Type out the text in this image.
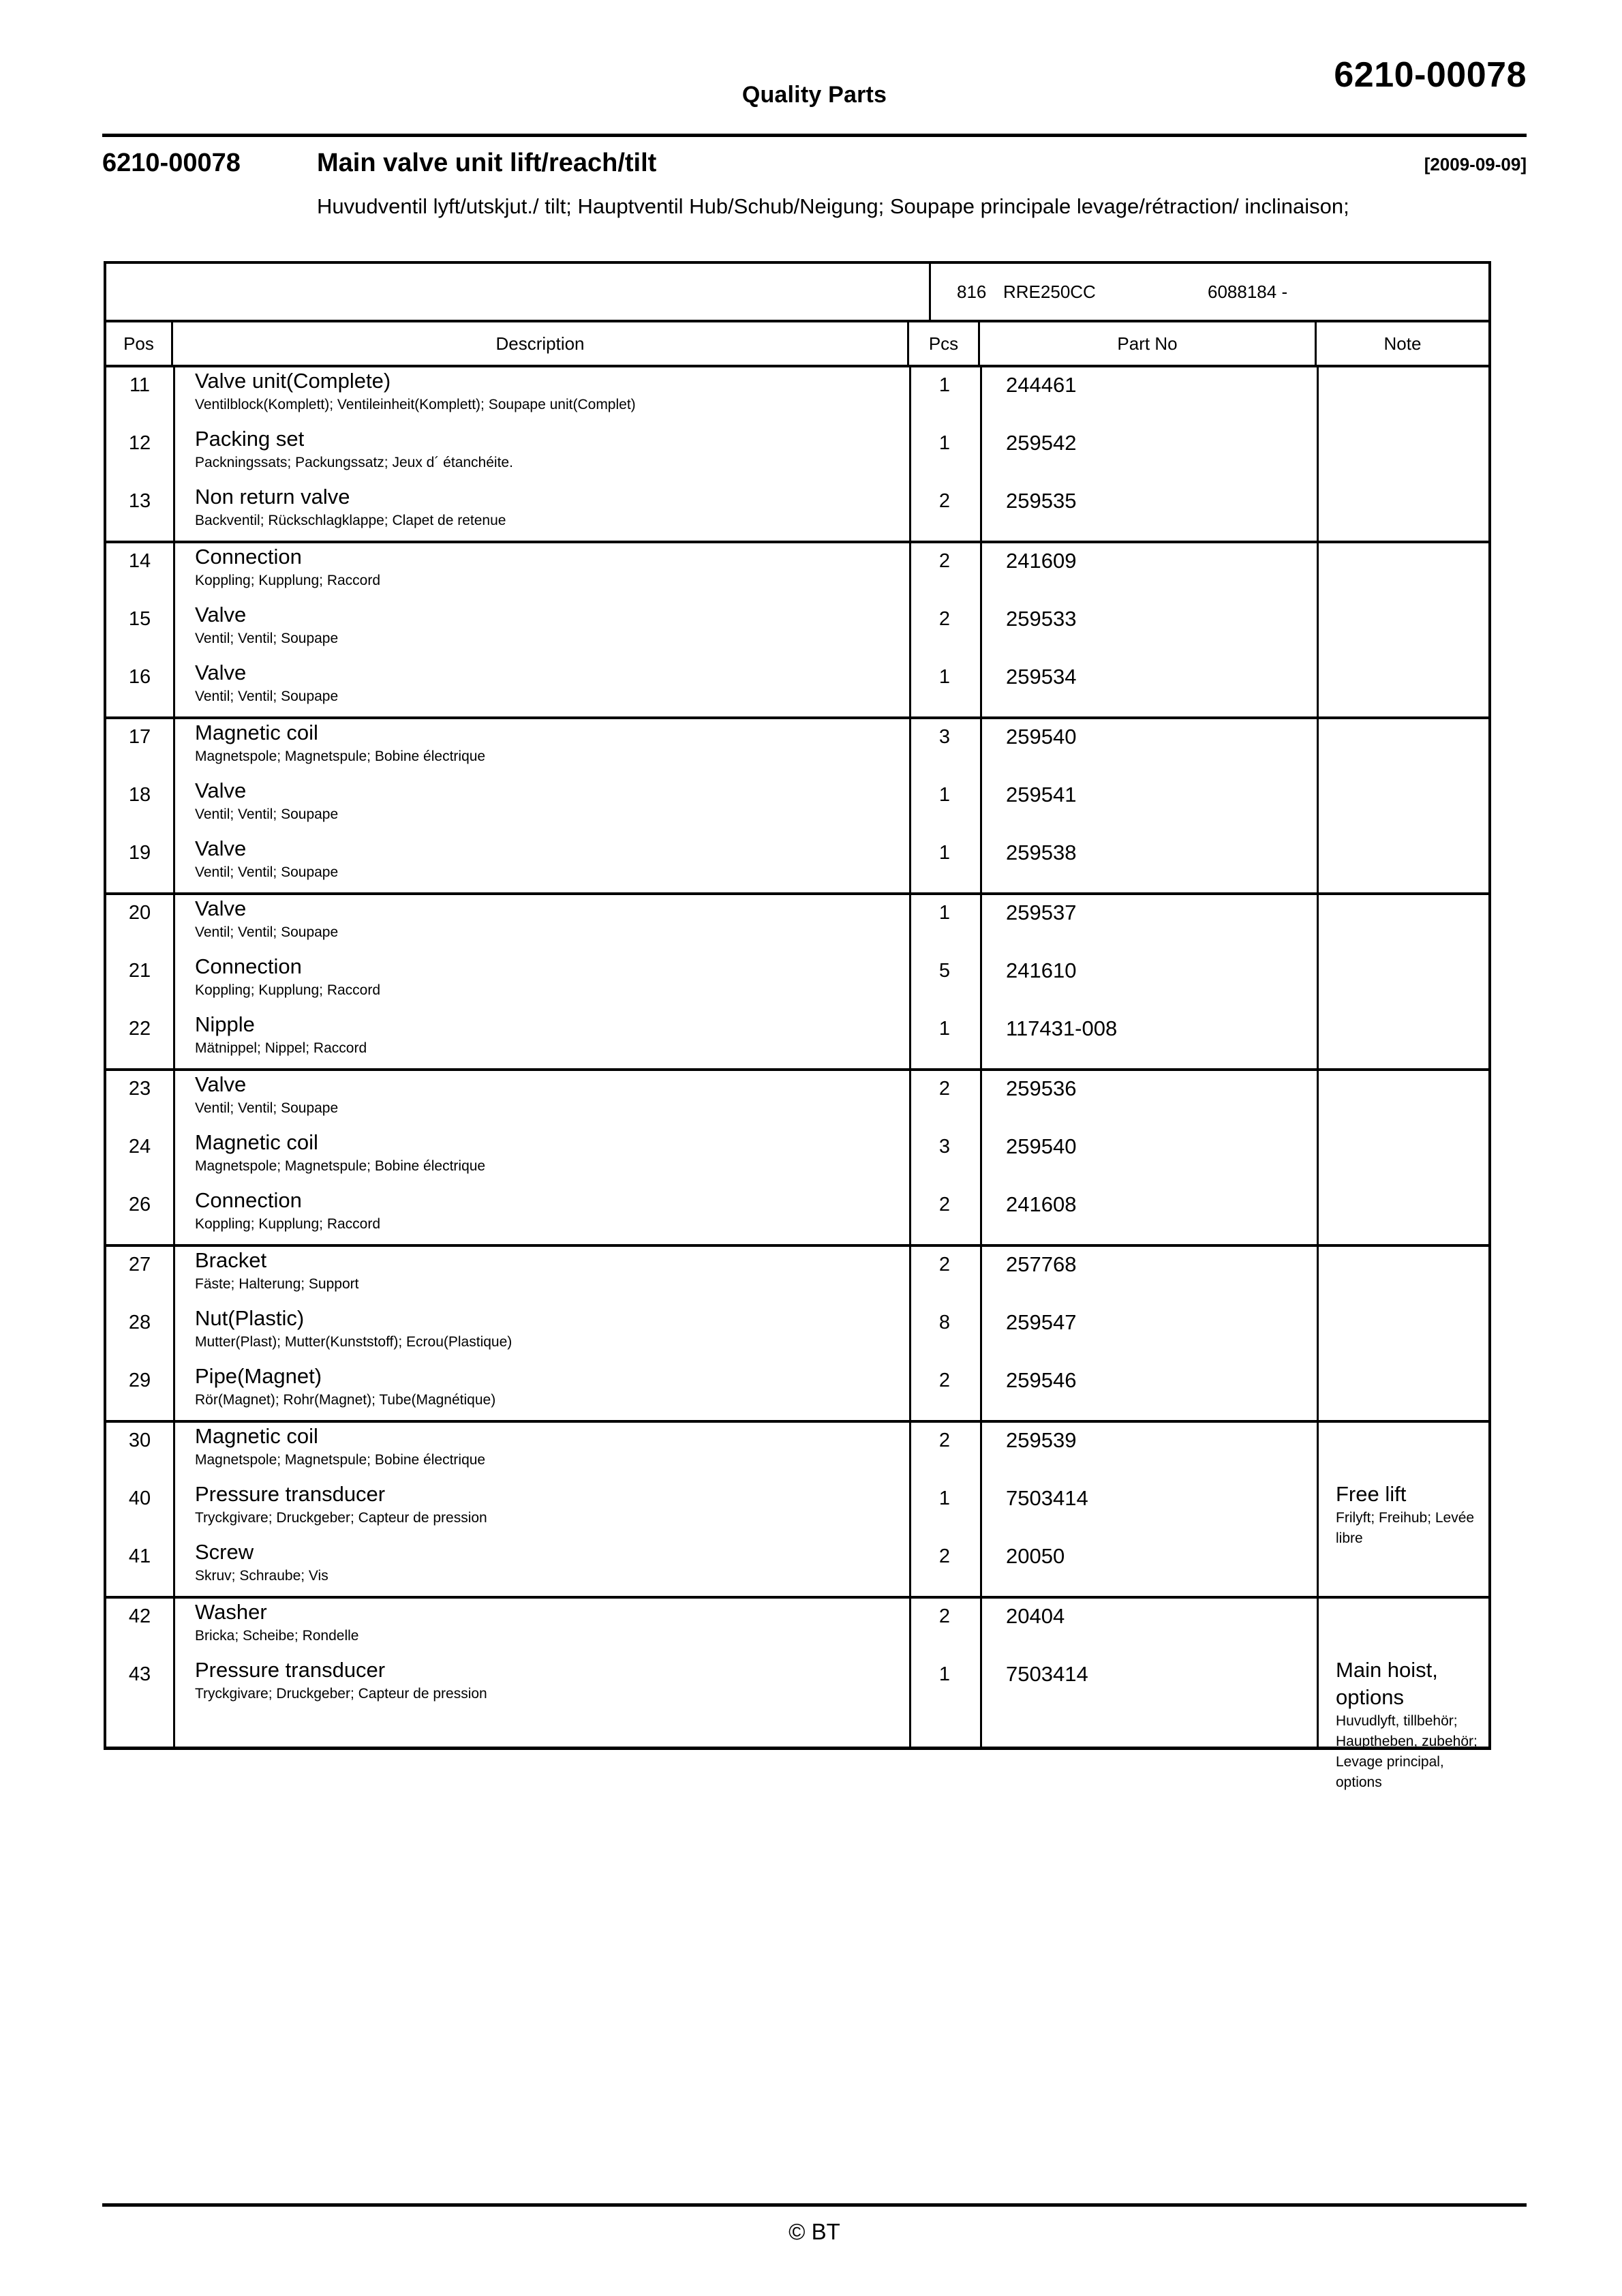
Quality Parts	6210-00078
6210-00078	Main valve unit lift/reach/tilt	[2009-09-09]
Huvudventil lyft/utskjut./ tilt; Hauptventil Hub/Schub/Neigung; Soupape principale levage/rétraction/ inclinaison;
816 RRE250CC	6088184 -
Pos	Description	Pcs	Part No	Note
11	Valve unit(Complete)
Ventilblock(Komplett); Ventileinheit(Komplett); Soupape unit(Complet)
1	244461
12	Packing set
Packningssats; Packungssatz; Jeux d´ étanchéite.
1	259542
13	Non return valve
Backventil; Rückschlagklappe; Clapet de retenue
2	259535
14	Connection
Koppling; Kupplung; Raccord
2	241609
15	Valve
Ventil; Ventil; Soupape
2	259533
16	Valve
Ventil; Ventil; Soupape
1	259534
17	Magnetic coil
Magnetspole; Magnetspule; Bobine électrique
3	259540
18	Valve
Ventil; Ventil; Soupape
1	259541
19	Valve
Ventil; Ventil; Soupape
1	259538
20	Valve
Ventil; Ventil; Soupape
1	259537
21	Connection
Koppling; Kupplung; Raccord
5	241610
22	Nipple
Mätnippel; Nippel; Raccord
1	117431-008
23	Valve
Ventil; Ventil; Soupape
2	259536
24	Magnetic coil
Magnetspole; Magnetspule; Bobine électrique
3	259540
26	Connection
Koppling; Kupplung; Raccord
2	241608
27	Bracket
Fäste; Halterung; Support
2	257768
28	Nut(Plastic)
Mutter(Plast); Mutter(Kunststoff); Ecrou(Plastique)
8	259547
29	Pipe(Magnet)
Rör(Magnet); Rohr(Magnet); Tube(Magnétique)
2	259546
30	Magnetic coil
Magnetspole; Magnetspule; Bobine électrique
2	259539
40	Pressure transducer
Tryckgivare; Druckgeber; Capteur de pression
1	7503414	Free lift
Frilyft; Freihub; Levée libre
41	Screw
Skruv; Schraube; Vis
2	20050
42	Washer
Bricka; Scheibe; Rondelle
2	20404
43	Pressure transducer
Tryckgivare; Druckgeber; Capteur de pression
1	7503414	Main hoist, options
Huvudlyft, tillbehör; Hauptheben, zubehör; Levage principal, options
© BT
